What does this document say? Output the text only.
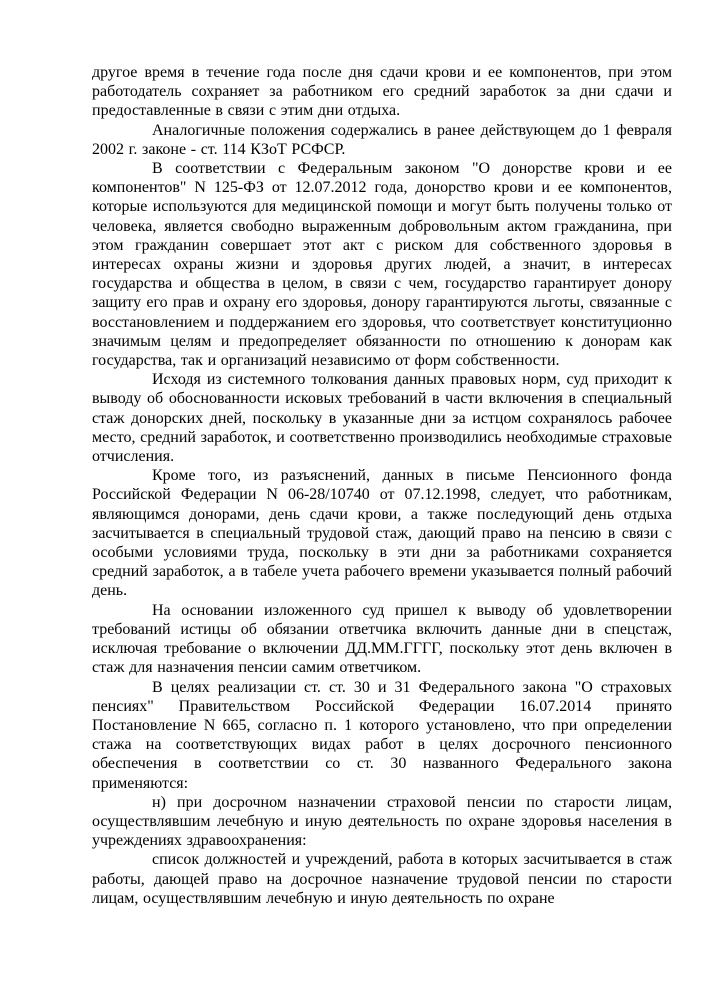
другое время в течение года после дня сдачи крови и ее компонентов, при этом работодатель сохраняет за работником его средний заработок за дни сдачи и предоставленные в связи с этим дни отдыха.

Аналогичные положения содержались в ранее действующем до 1 февраля 2002 г. законе - ст. 114 КЗоТ РСФСР.

В соответствии с Федеральным законом "О донорстве крови и ее компонентов" N 125-ФЗ от 12.07.2012 года, донорство крови и ее компонентов, которые используются для медицинской помощи и могут быть получены только от человека, является свободно выраженным добровольным актом гражданина, при этом гражданин совершает этот акт с риском для собственного здоровья в интересах охраны жизни и здоровья других людей, а значит, в интересах государства и общества в целом, в связи с чем, государство гарантирует донору защиту его прав и охрану его здоровья, донору гарантируются льготы, связанные с восстановлением и поддержанием его здоровья, что соответствует конституционно значимым целям и предопределяет обязанности по отношению к донорам как государства, так и организаций независимо от форм собственности.

Исходя из системного толкования данных правовых норм, суд приходит к выводу об обоснованности исковых требований в части включения в специальный стаж донорских дней, поскольку в указанные дни за истцом сохранялось рабочее место, средний заработок, и соответственно производились необходимые страховые отчисления.

Кроме того, из разъяснений, данных в письме Пенсионного фонда Российской Федерации N 06-28/10740 от 07.12.1998, следует, что работникам, являющимся донорами, день сдачи крови, а также последующий день отдыха засчитывается в специальный трудовой стаж, дающий право на пенсию в связи с особыми условиями труда, поскольку в эти дни за работниками сохраняется средний заработок, а в табеле учета рабочего времени указывается полный рабочий день.

На основании изложенного суд пришел к выводу об удовлетворении требований истицы об обязании ответчика включить данные дни в спецстаж, исключая требование о включении ДД.ММ.ГГГГ, поскольку этот день включен в стаж для назначения пенсии самим ответчиком.

В целях реализации ст. ст. 30 и 31 Федерального закона "О страховых пенсиях" Правительством Российской Федерации 16.07.2014 принято Постановление N 665, согласно п. 1 которого установлено, что при определении стажа на соответствующих видах работ в целях досрочного пенсионного обеспечения в соответствии со ст. 30 названного Федерального закона применяются:

н) при досрочном назначении страховой пенсии по старости лицам, осуществлявшим лечебную и иную деятельность по охране здоровья населения в учреждениях здравоохранения:

список должностей и учреждений, работа в которых засчитывается в стаж работы, дающей право на досрочное назначение трудовой пенсии по старости лицам, осуществлявшим лечебную и иную деятельность по охране
